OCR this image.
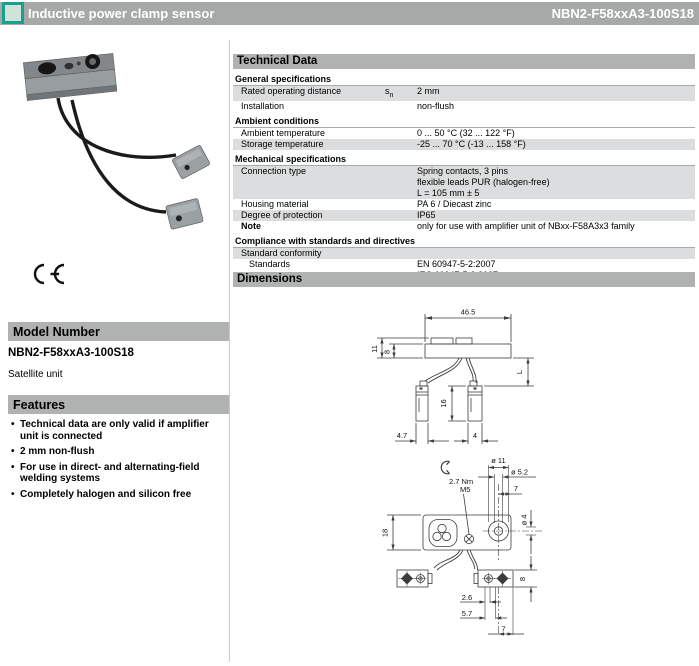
Inductive power clamp sensor	NBN2-F58xxA3-100S18
Model Number
NBN2-F58xxA3-100S18
Satellite unit
Features
• Technical data are only valid if amplifier unit is connected
• 2 mm non-flush
• For use in direct- and alternating-field welding systems
• Completely halogen and silicon free
Technical Data
General specifications
Rated operating distance	$s_n$	2 mm
Installation	non-flush
Ambient conditions
Ambient temperature	0 ... 50 °C (32 ... 122 °F)
Storage temperature	-25 ... 70 °C (-13 ... 158 °F)
Mechanical specifications
Connection type	Spring contacts, 3 pins
flexible leads PUR (halogen-free)
L = 105 mm ± 5
Housing material	PA 6 / Diecast zinc
Degree of protection	IP65
Note	only for use with amplifier unit of NBxx-F58A3x3 family
Compliance with standards and directives
Standard conformity
Standards	EN 60947-5-2:2007
Dimensions
46.5
11 8
16
L
4.7	4
ø 11
ø 5.2
7
2.7 Nm
M5
ø 4
18
8
2.6
5.7
7
